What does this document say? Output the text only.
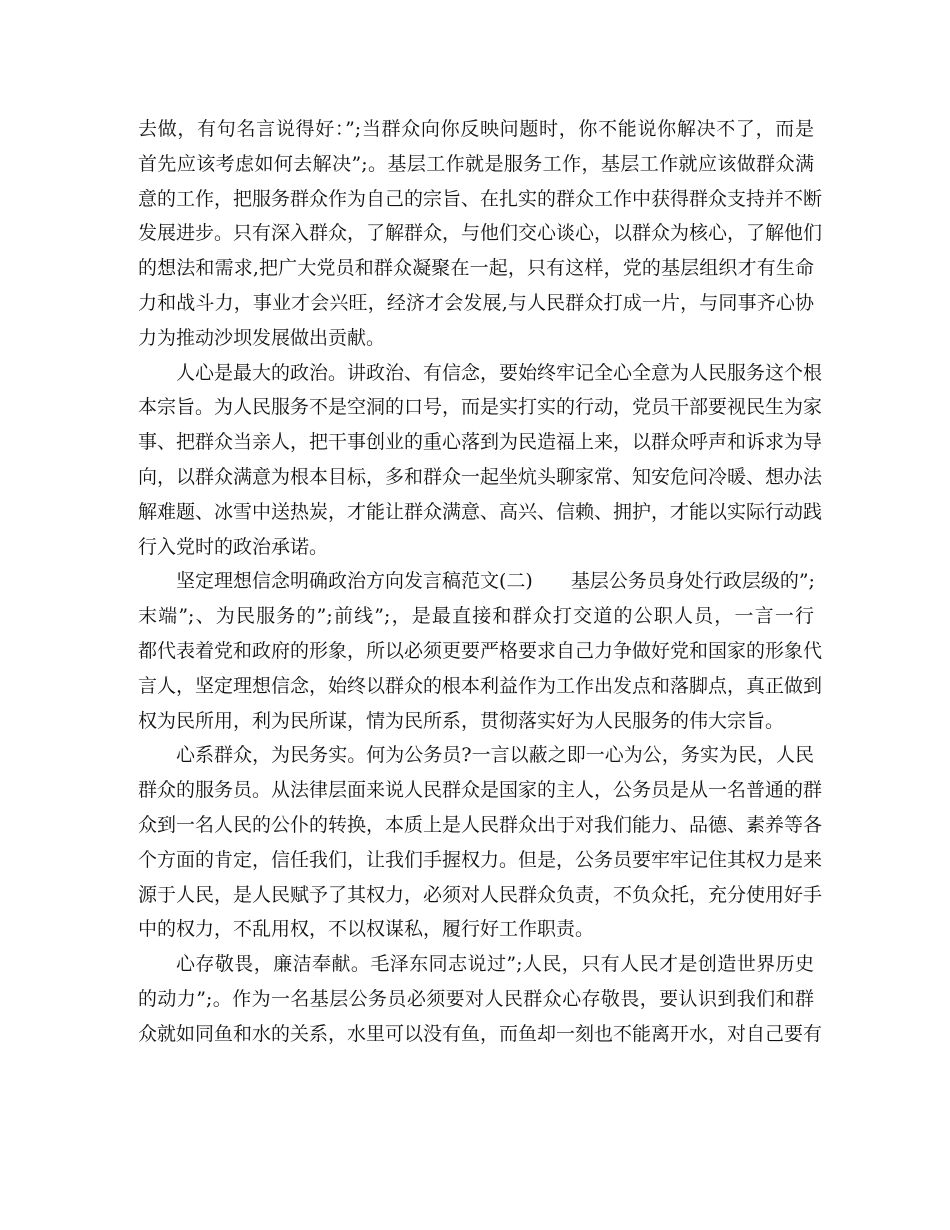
去做，有句名言说得好：”;当群众向你反映问题时，你不能说你解决不了，而是
首先应该考虑如何去解决”;。基层工作就是服务工作，基层工作就应该做群众满
意的工作，把服务群众作为自己的宗旨、在扎实的群众工作中获得群众支持并不断
发展进步。只有深入群众，了解群众，与他们交心谈心，以群众为核心，了解他们
的想法和需求,把广大党员和群众凝聚在一起，只有这样，党的基层组织才有生命
力和战斗力，事业才会兴旺，经济才会发展,与人民群众打成一片，与同事齐心协
力为推动沙坝发展做出贡献。
人心是最大的政治。讲政治、有信念，要始终牢记全心全意为人民服务这个根
本宗旨。为人民服务不是空洞的口号，而是实打实的行动，党员干部要视民生为家
事、把群众当亲人，把干事创业的重心落到为民造福上来，以群众呼声和诉求为导
向，以群众满意为根本目标，多和群众一起坐炕头聊家常、知安危问冷暖、想办法
解难题、冰雪中送热炭，才能让群众满意、高兴、信赖、拥护，才能以实际行动践
行入党时的政治承诺。
坚定理想信念明确政治方向发言稿范文(二)　　基层公务员身处行政层级的”;
末端”;、为民服务的”;前线”;，是最直接和群众打交道的公职人员，一言一行
都代表着党和政府的形象，所以必须更要严格要求自己力争做好党和国家的形象代
言人，坚定理想信念，始终以群众的根本利益作为工作出发点和落脚点，真正做到
权为民所用，利为民所谋，情为民所系，贯彻落实好为人民服务的伟大宗旨。
心系群众，为民务实。何为公务员?一言以蔽之即一心为公，务实为民，人民
群众的服务员。从法律层面来说人民群众是国家的主人，公务员是从一名普通的群
众到一名人民的公仆的转换，本质上是人民群众出于对我们能力、品德、素养等各
个方面的肯定，信任我们，让我们手握权力。但是，公务员要牢牢记住其权力是来
源于人民，是人民赋予了其权力，必须对人民群众负责，不负众托，充分使用好手
中的权力，不乱用权，不以权谋私，履行好工作职责。
心存敬畏，廉洁奉献。毛泽东同志说过”;人民，只有人民才是创造世界历史
的动力”;。作为一名基层公务员必须要对人民群众心存敬畏，要认识到我们和群
众就如同鱼和水的关系，水里可以没有鱼，而鱼却一刻也不能离开水，对自己要有
